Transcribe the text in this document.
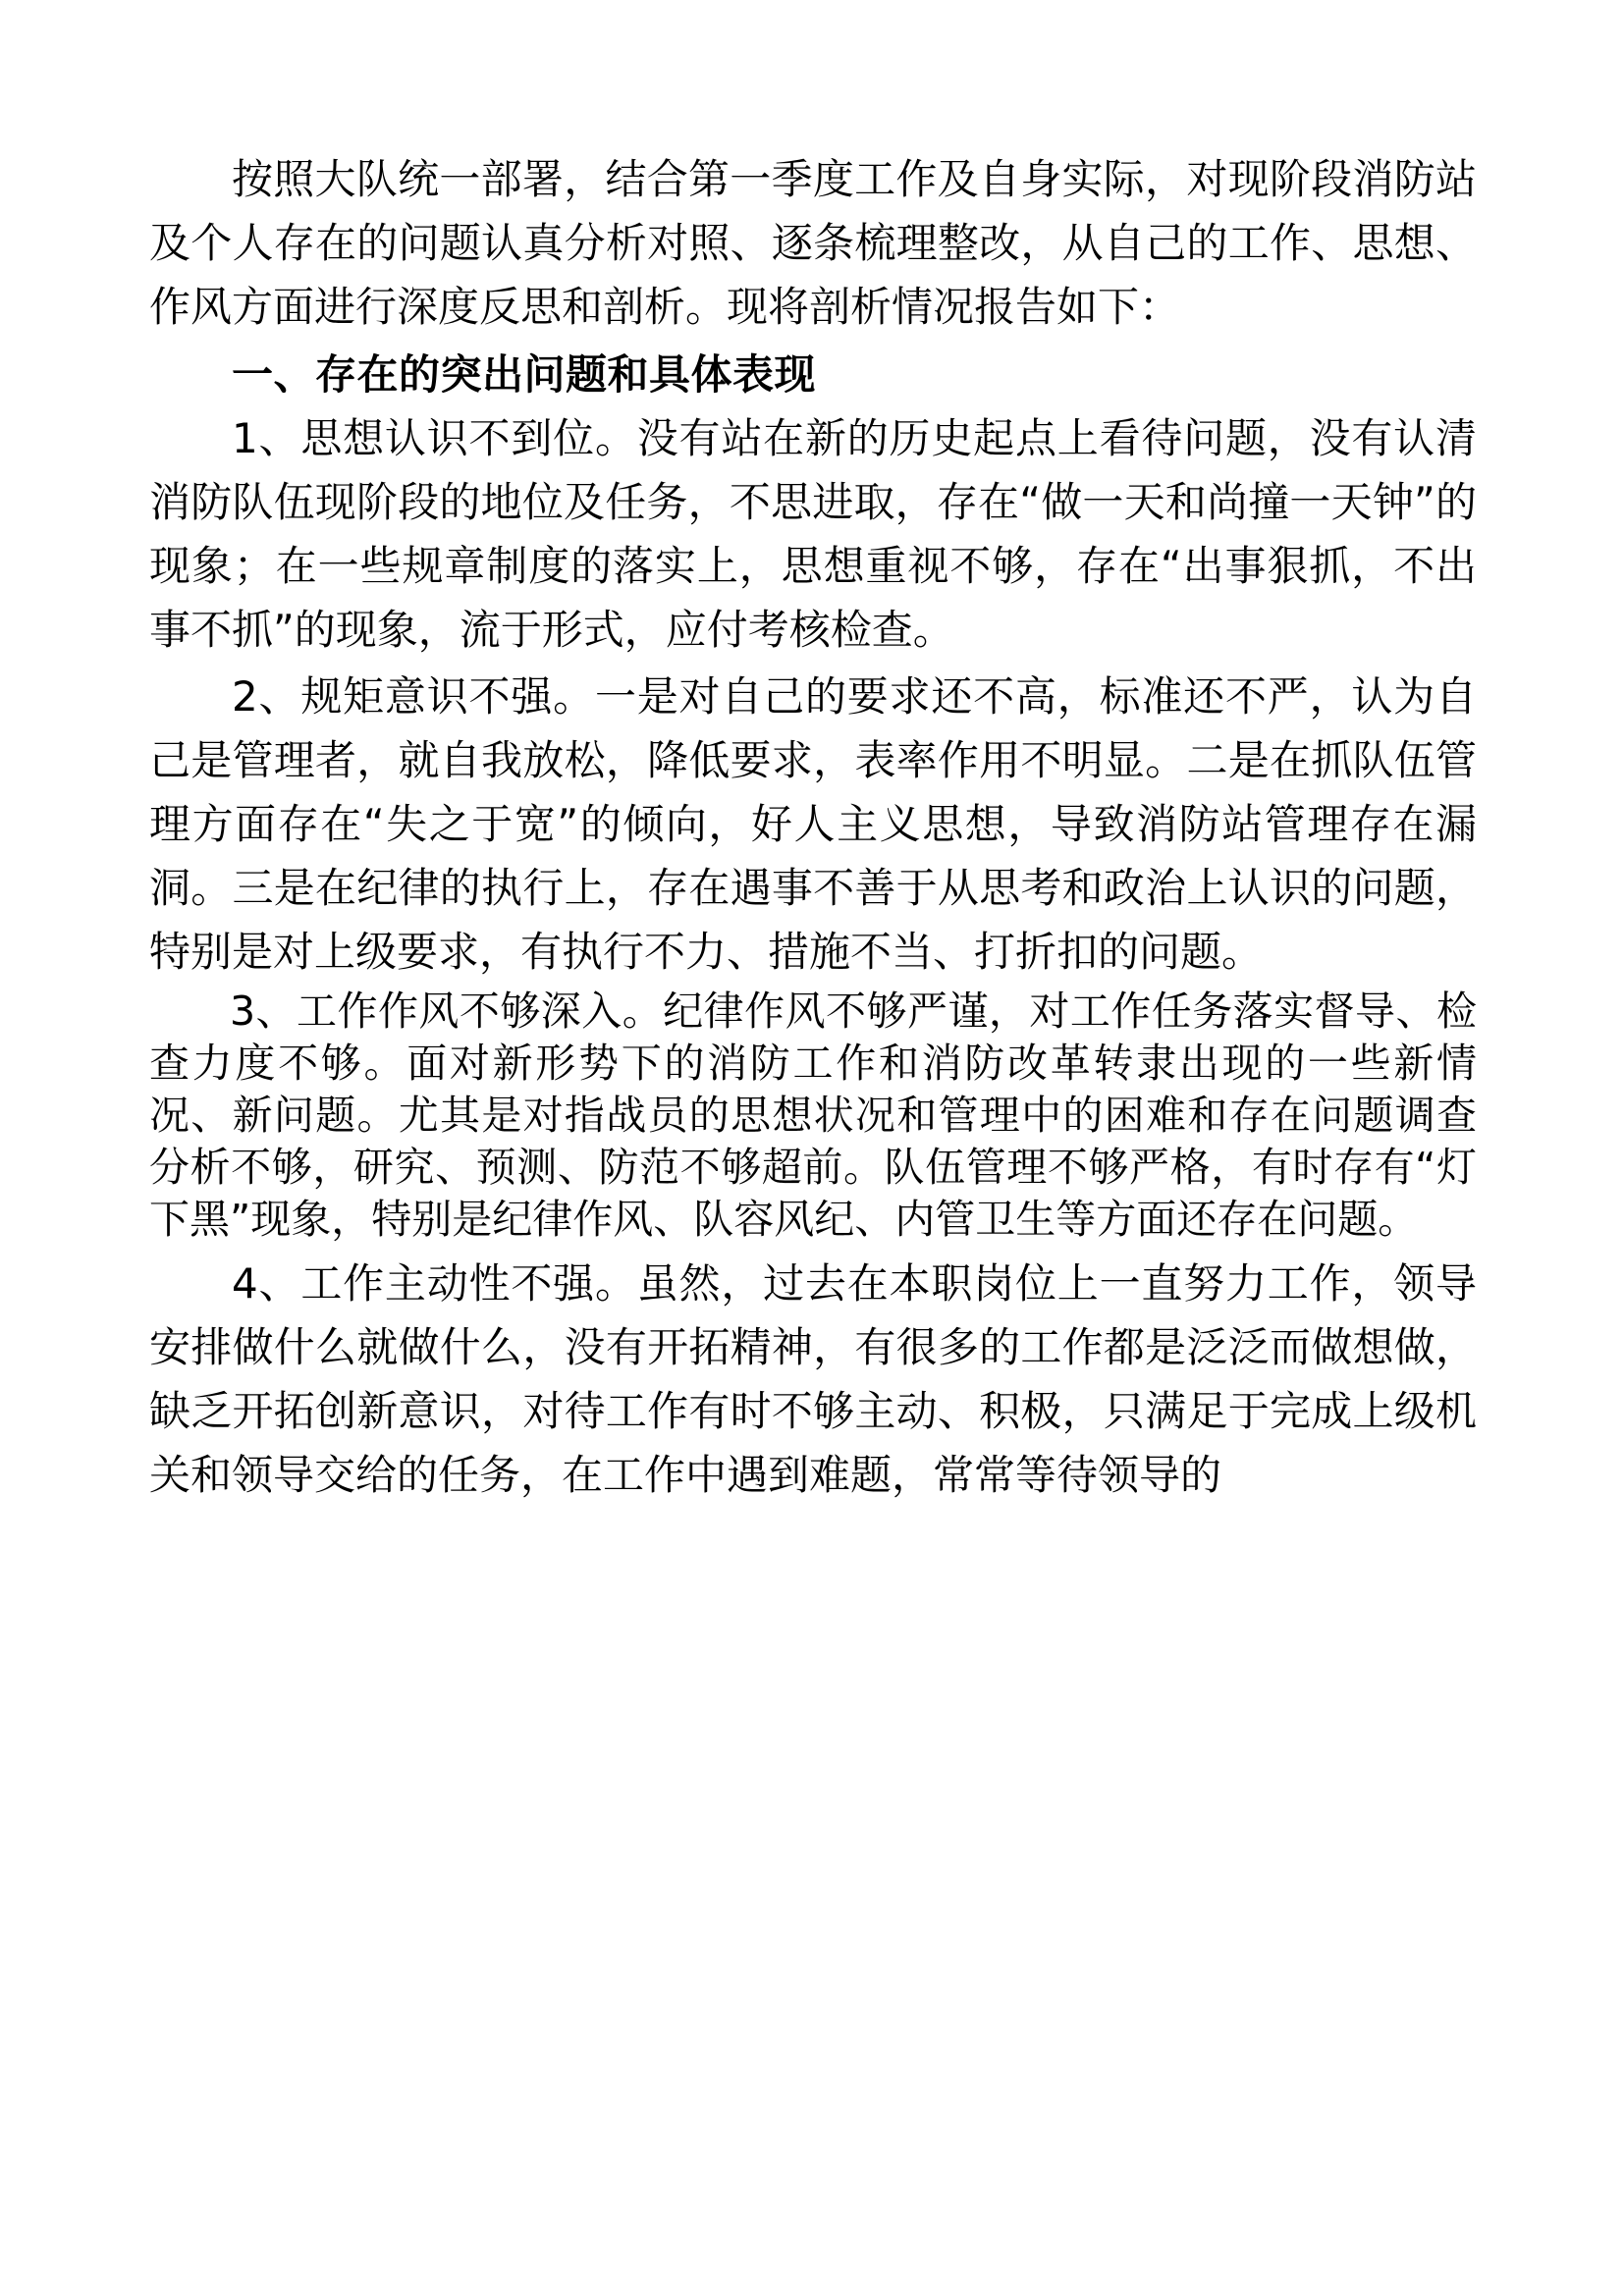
按照大队统一部署，结合第一季度工作及自身实际，对现阶段消防站及个人存在的问题认真分析对照、逐条梳理整改，从自己的工作、思想、作风方面进行深度反思和剖析。现将剖析情况报告如下：

一、存在的突出问题和具体表现

1、思想认识不到位。没有站在新的历史起点上看待问题，没有认清消防队伍现阶段的地位及任务，不思进取，存在“做一天和尚撞一天钟”的现象；在一些规章制度的落实上，思想重视不够，存在“出事狠抓，不出事不抓”的现象，流于形式，应付考核检查。

2、规矩意识不强。一是对自己的要求还不高，标准还不严，认为自己是管理者，就自我放松，降低要求，表率作用不明显。二是在抓队伍管理方面存在“失之于宽”的倾向，好人主义思想，导致消防站管理存在漏洞。三是在纪律的执行上，存在遇事不善于从思考和政治上认识的问题，特别是对上级要求，有执行不力、措施不当、打折扣的问题。

3、工作作风不够深入。纪律作风不够严谨，对工作任务落实督导、检查力度不够。面对新形势下的消防工作和消防改革转隶出现的一些新情况、新问题。尤其是对指战员的思想状况和管理中的困难和存在问题调查分析不够，研究、预测、防范不够超前。队伍管理不够严格，有时存有“灯下黑”现象，特别是纪律作风、队容风纪、内管卫生等方面还存在问题。

4、工作主动性不强。虽然，过去在本职岗位上一直努力工作，领导安排做什么就做什么，没有开拓精神，有很多的工作都是泛泛而做想做，缺乏开拓创新意识，对待工作有时不够主动、积极，只满足于完成上级机关和领导交给的任务，在工作中遇到难题，常常等待领导的
